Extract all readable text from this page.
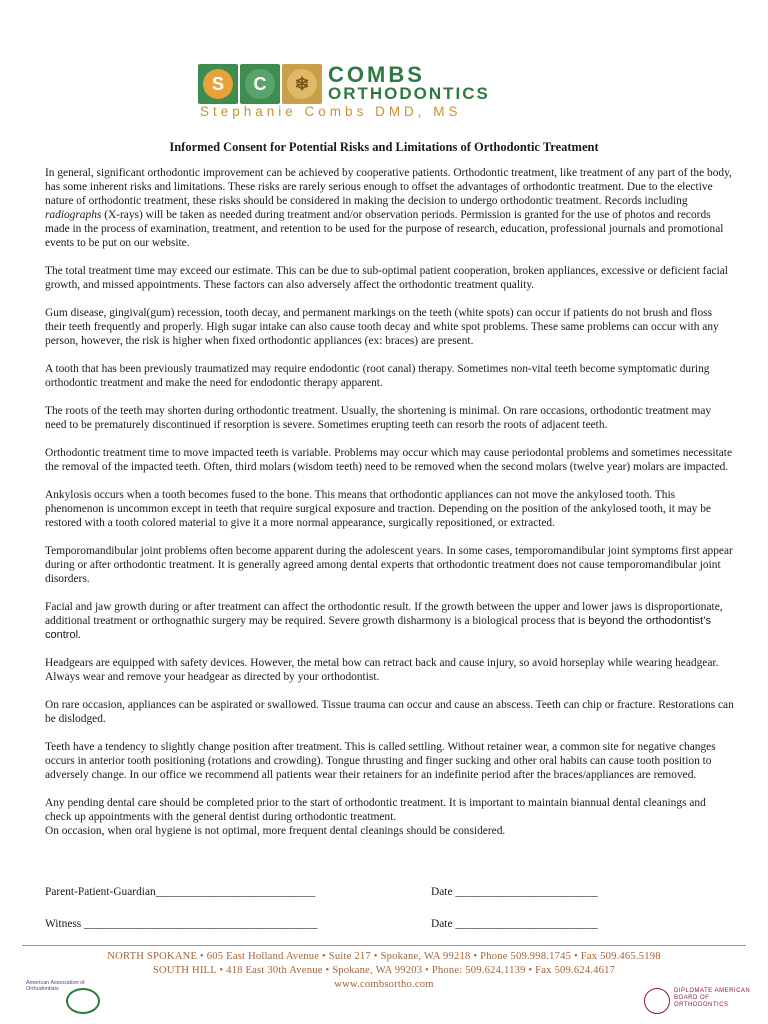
S	C	❄ COMBS
ORTHODONTICS
Stephanie Combs DMD, MS
Informed Consent for Potential Risks and Limitations of Orthodontic Treatment

In general, significant orthodontic improvement can be achieved by cooperative patients. Orthodontic treatment, like treatment of any part of the body, has some inherent risks and limitations. These risks are rarely serious enough to offset the advantages of orthodontic treatment. Due to the elective nature of orthodontic treatment, these risks should be considered in making the decision to undergo orthodontic treatment. Records including radiographs (X-rays) will be taken as needed during treatment and/or observation periods. Permission is granted for the use of photos and records made in the process of examination, treatment, and retention to be used for the purpose of research, education, professional journals and promotional events to be put on our website.

The total treatment time may exceed our estimate. This can be due to sub-optimal patient cooperation, broken appliances, excessive or deficient facial growth, and missed appointments. These factors can also adversely affect the orthodontic treatment quality.

Gum disease, gingival(gum) recession, tooth decay, and permanent markings on the teeth (white spots) can occur if patients do not brush and floss their teeth frequently and properly. High sugar intake can also cause tooth decay and white spot problems. These same problems can occur with any person, however, the risk is higher when fixed orthodontic appliances (ex: braces) are present.

A tooth that has been previously traumatized may require endodontic (root canal) therapy. Sometimes non-vital teeth become symptomatic during orthodontic treatment and make the need for endodontic therapy apparent.

The roots of the teeth may shorten during orthodontic treatment. Usually, the shortening is minimal. On rare occasions, orthodontic treatment may need to be prematurely discontinued if resorption is severe. Sometimes erupting teeth can resorb the roots of adjacent teeth.

Orthodontic treatment time to move impacted teeth is variable. Problems may occur which may cause periodontal problems and sometimes necessitate the removal of the impacted teeth. Often, third molars (wisdom teeth) need to be removed when the second molars (twelve year) molars are impacted.

Ankylosis occurs when a tooth becomes fused to the bone. This means that orthodontic appliances can not move the ankylosed tooth. This phenomenon is uncommon except in teeth that require surgical exposure and traction. Depending on the position of the ankylosed tooth, it may be restored with a tooth colored material to give it a more normal appearance, surgically repositioned, or extracted.

Temporomandibular joint problems often become apparent during the adolescent years. In some cases, temporomandibular joint symptoms first appear during or after orthodontic treatment. It is generally agreed among dental experts that orthodontic treatment does not cause temporomandibular joint disorders.

Facial and jaw growth during or after treatment can affect the orthodontic result. If the growth between the upper and lower jaws is disproportionate, additional treatment or orthognathic surgery may be required. Severe growth disharmony is a biological process that is beyond the orthodontist’s control.

Headgears are equipped with safety devices. However, the metal bow can retract back and cause injury, so avoid horseplay while wearing headgear. Always wear and remove your headgear as directed by your orthodontist.

On rare occasion, appliances can be aspirated or swallowed. Tissue trauma can occur and cause an abscess. Teeth can chip or fracture. Restorations can be dislodged.

Teeth have a tendency to slightly change position after treatment. This is called settling. Without retainer wear, a common site for negative changes occurs in anterior tooth positioning (rotations and crowding). Tongue thrusting and finger sucking and other oral habits can cause tooth position to adversely change. In our office we recommend all patients wear their retainers for an indefinite period after the braces/appliances are removed.

Any pending dental care should be completed prior to the start of orthodontic treatment. It is important to maintain biannual dental cleanings and check up appointments with the general dentist during orthodontic treatment.
On occasion, when oral hygiene is not optimal, more frequent dental cleanings should be considered.

Parent-Patient-Guardian____________________________	Date _________________________
Witness _________________________________________	Date _________________________
NORTH SPOKANE • 605 East Holland Avenue • Suite 217 • Spokane, WA 99218 • Phone 509.998.1745 • Fax 509.465.5198
SOUTH HILL • 418 East 30th Avenue • Spokane, WA 99203 • Phone: 509.624.1139 • Fax 509.624.4617
www.combsortho.com
American Association of Orthodontists	DIPLOMATE AMERICAN BOARD OF ORTHODONTICS
